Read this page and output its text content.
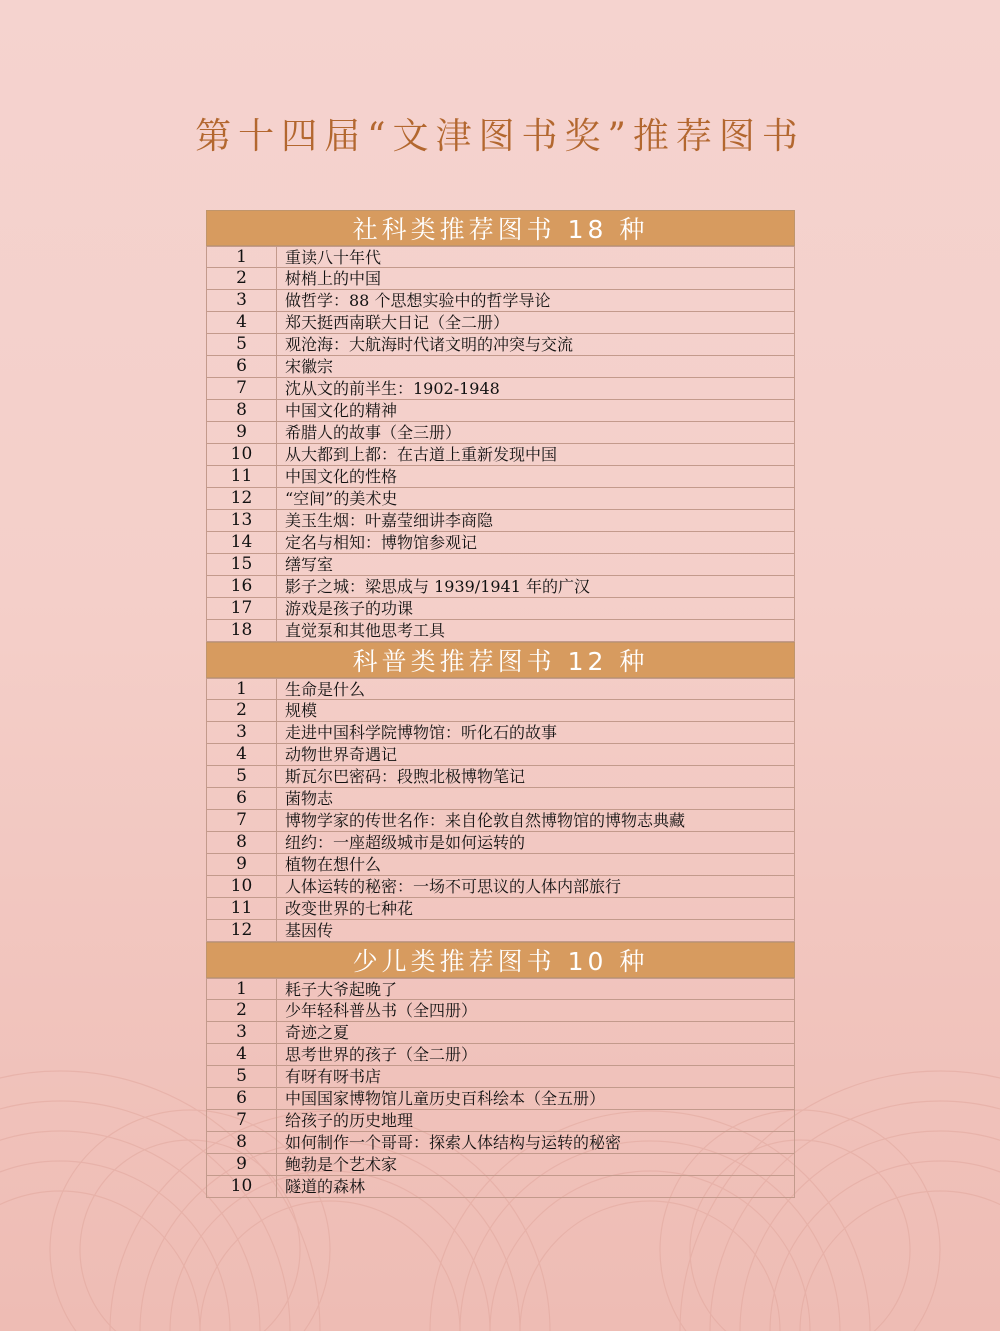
第十四届“文津图书奖”推荐图书
社科类推荐图书 18 种
1	重读八十年代
2	树梢上的中国
3	做哲学：88 个思想实验中的哲学导论
4	郑天挺西南联大日记（全二册）
5	观沧海：大航海时代诸文明的冲突与交流
6	宋徽宗
7	沈从文的前半生：1902-1948
8	中国文化的精神
9	希腊人的故事（全三册）
10	从大都到上都：在古道上重新发现中国
11	中国文化的性格
12	“空间”的美术史
13	美玉生烟：叶嘉莹细讲李商隐
14	定名与相知：博物馆参观记
15	缮写室
16	影子之城：梁思成与 1939/1941 年的广汉
17	游戏是孩子的功课
18	直觉泵和其他思考工具
科普类推荐图书 12 种
1	生命是什么
2	规模
3	走进中国科学院博物馆：听化石的故事
4	动物世界奇遇记
5	斯瓦尔巴密码：段煦北极博物笔记
6	菌物志
7	博物学家的传世名作：来自伦敦自然博物馆的博物志典藏
8	纽约：一座超级城市是如何运转的
9	植物在想什么
10	人体运转的秘密：一场不可思议的人体内部旅行
11	改变世界的七种花
12	基因传
少儿类推荐图书 10 种
1	耗子大爷起晚了
2	少年轻科普丛书（全四册）
3	奇迹之夏
4	思考世界的孩子（全二册）
5	有呀有呀书店
6	中国国家博物馆儿童历史百科绘本（全五册）
7	给孩子的历史地理
8	如何制作一个哥哥：探索人体结构与运转的秘密
9	鲍勃是个艺术家
10	隧道的森林
